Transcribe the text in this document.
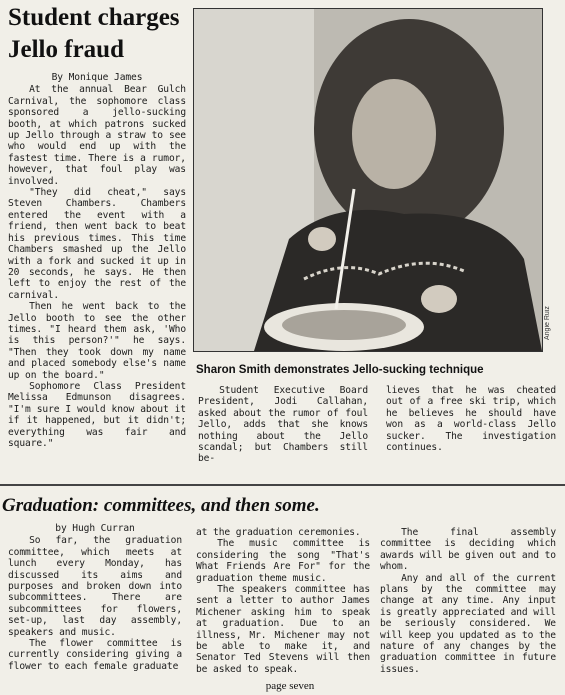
Student charges Jello fraud

By Monique James

At the annual Bear Gulch Carnival, the sophomore class sponsored a jello-sucking booth, at which patrons sucked up Jello through a straw to see who would end up with the fastest time. There is a rumor, however, that foul play was involved.

"They did cheat," says Steven Chambers. Chambers entered the event with a friend, then went back to beat his previous times. This time Chambers smashed up the Jello with a fork and sucked it up in 20 seconds, he says. He then left to enjoy the rest of the carnival.

Then he went back to the Jello booth to see the other times. "I heard them ask, 'Who is this person?'" he says. "Then they took down my name and placed somebody else's name up on the board."

Sophomore Class President Melissa Edmunson disagrees. "I'm sure I would know about it if it happened, but it didn't; everything was fair and square."

Angie Ruiz
Sharon Smith demonstrates Jello-sucking technique

Student Executive Board President, Jodi Callahan, asked about the rumor of foul Jello, adds that she knows nothing about the Jello scandal; but Chambers still be-

lieves that he was cheated out of a free ski trip, which he believes he should have won as a world-class Jello sucker. The investigation continues.

Graduation: committees, and then some.

by Hugh Curran

So far, the graduation committee, which meets at lunch every Monday, has discussed its aims and purposes and broken down into subcommittees. There are subcommittees for flowers, set-up, last day assembly, speakers and music.

The flower committee is currently considering giving a flower to each female graduate

at the graduation ceremonies.

The music committee is considering the song "That's What Friends Are For" for the graduation theme music.

The speakers committee has sent a letter to author James Michener asking him to speak at graduation. Due to an illness, Mr. Michener may not be able to make it, and Senator Ted Stevens will then be asked to speak.

The final assembly committee is deciding which awards will be given out and to whom.

Any and all of the current plans by the committee may change at any time. Any input is greatly appreciated and will be seriously considered. We will keep you updated as to the nature of any changes by the graduation committee in future issues.

page seven
